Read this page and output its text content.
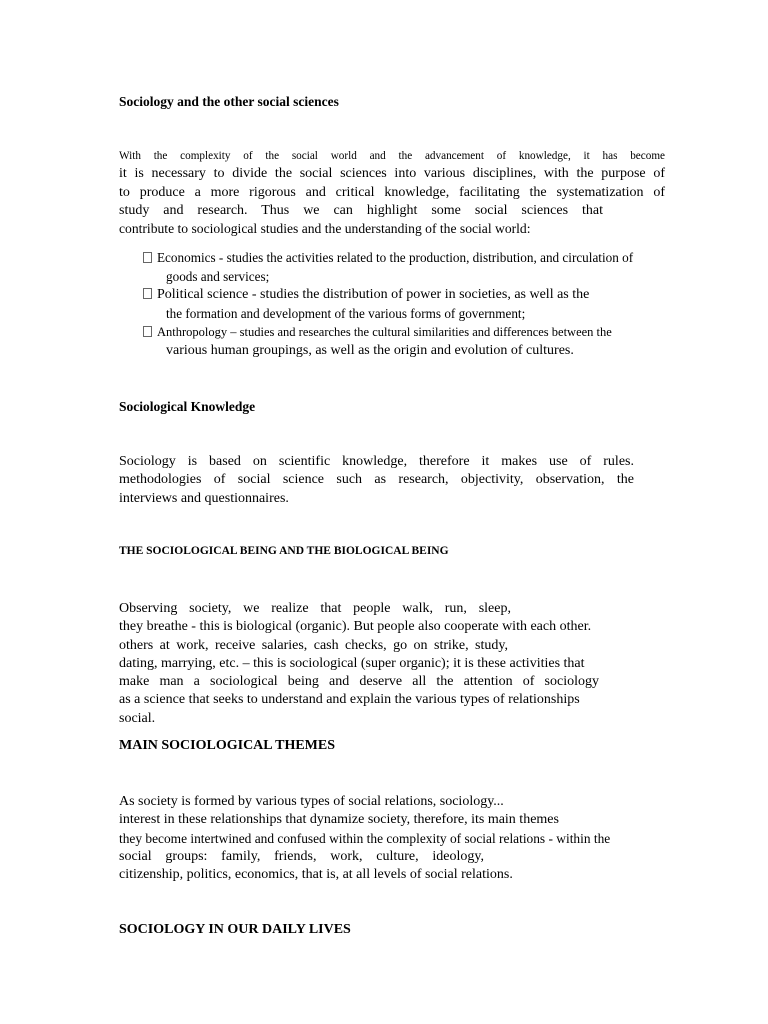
Sociology and the other social sciences
With the complexity of the social world and the advancement of knowledge, it has become
it is necessary to divide the social sciences into various disciplines, with the purpose of
to produce a more rigorous and critical knowledge, facilitating the systematization of
study and research. Thus we can highlight some social sciences that
contribute to sociological studies and the understanding of the social world:
Economics - studies the activities related to the production, distribution, and circulation of
goods and services;
Political science - studies the distribution of power in societies, as well as the
the formation and development of the various forms of government;
Anthropology – studies and researches the cultural similarities and differences between the
various human groupings, as well as the origin and evolution of cultures.
Sociological Knowledge
Sociology is based on scientific knowledge, therefore it makes use of rules.
methodologies of social science such as research, objectivity, observation, the
interviews and questionnaires.
THE SOCIOLOGICAL BEING AND THE BIOLOGICAL BEING
Observing society, we realize that people walk, run, sleep,
they breathe - this is biological (organic). But people also cooperate with each other.
others at work, receive salaries, cash checks, go on strike, study,
dating, marrying, etc. – this is sociological (super organic); it is these activities that
make man a sociological being and deserve all the attention of sociology
as a science that seeks to understand and explain the various types of relationships
social.
MAIN SOCIOLOGICAL THEMES
As society is formed by various types of social relations, sociology...
interest in these relationships that dynamize society, therefore, its main themes
they become intertwined and confused within the complexity of social relations - within the
social groups: family, friends, work, culture, ideology,
citizenship, politics, economics, that is, at all levels of social relations.
SOCIOLOGY IN OUR DAILY LIVES
